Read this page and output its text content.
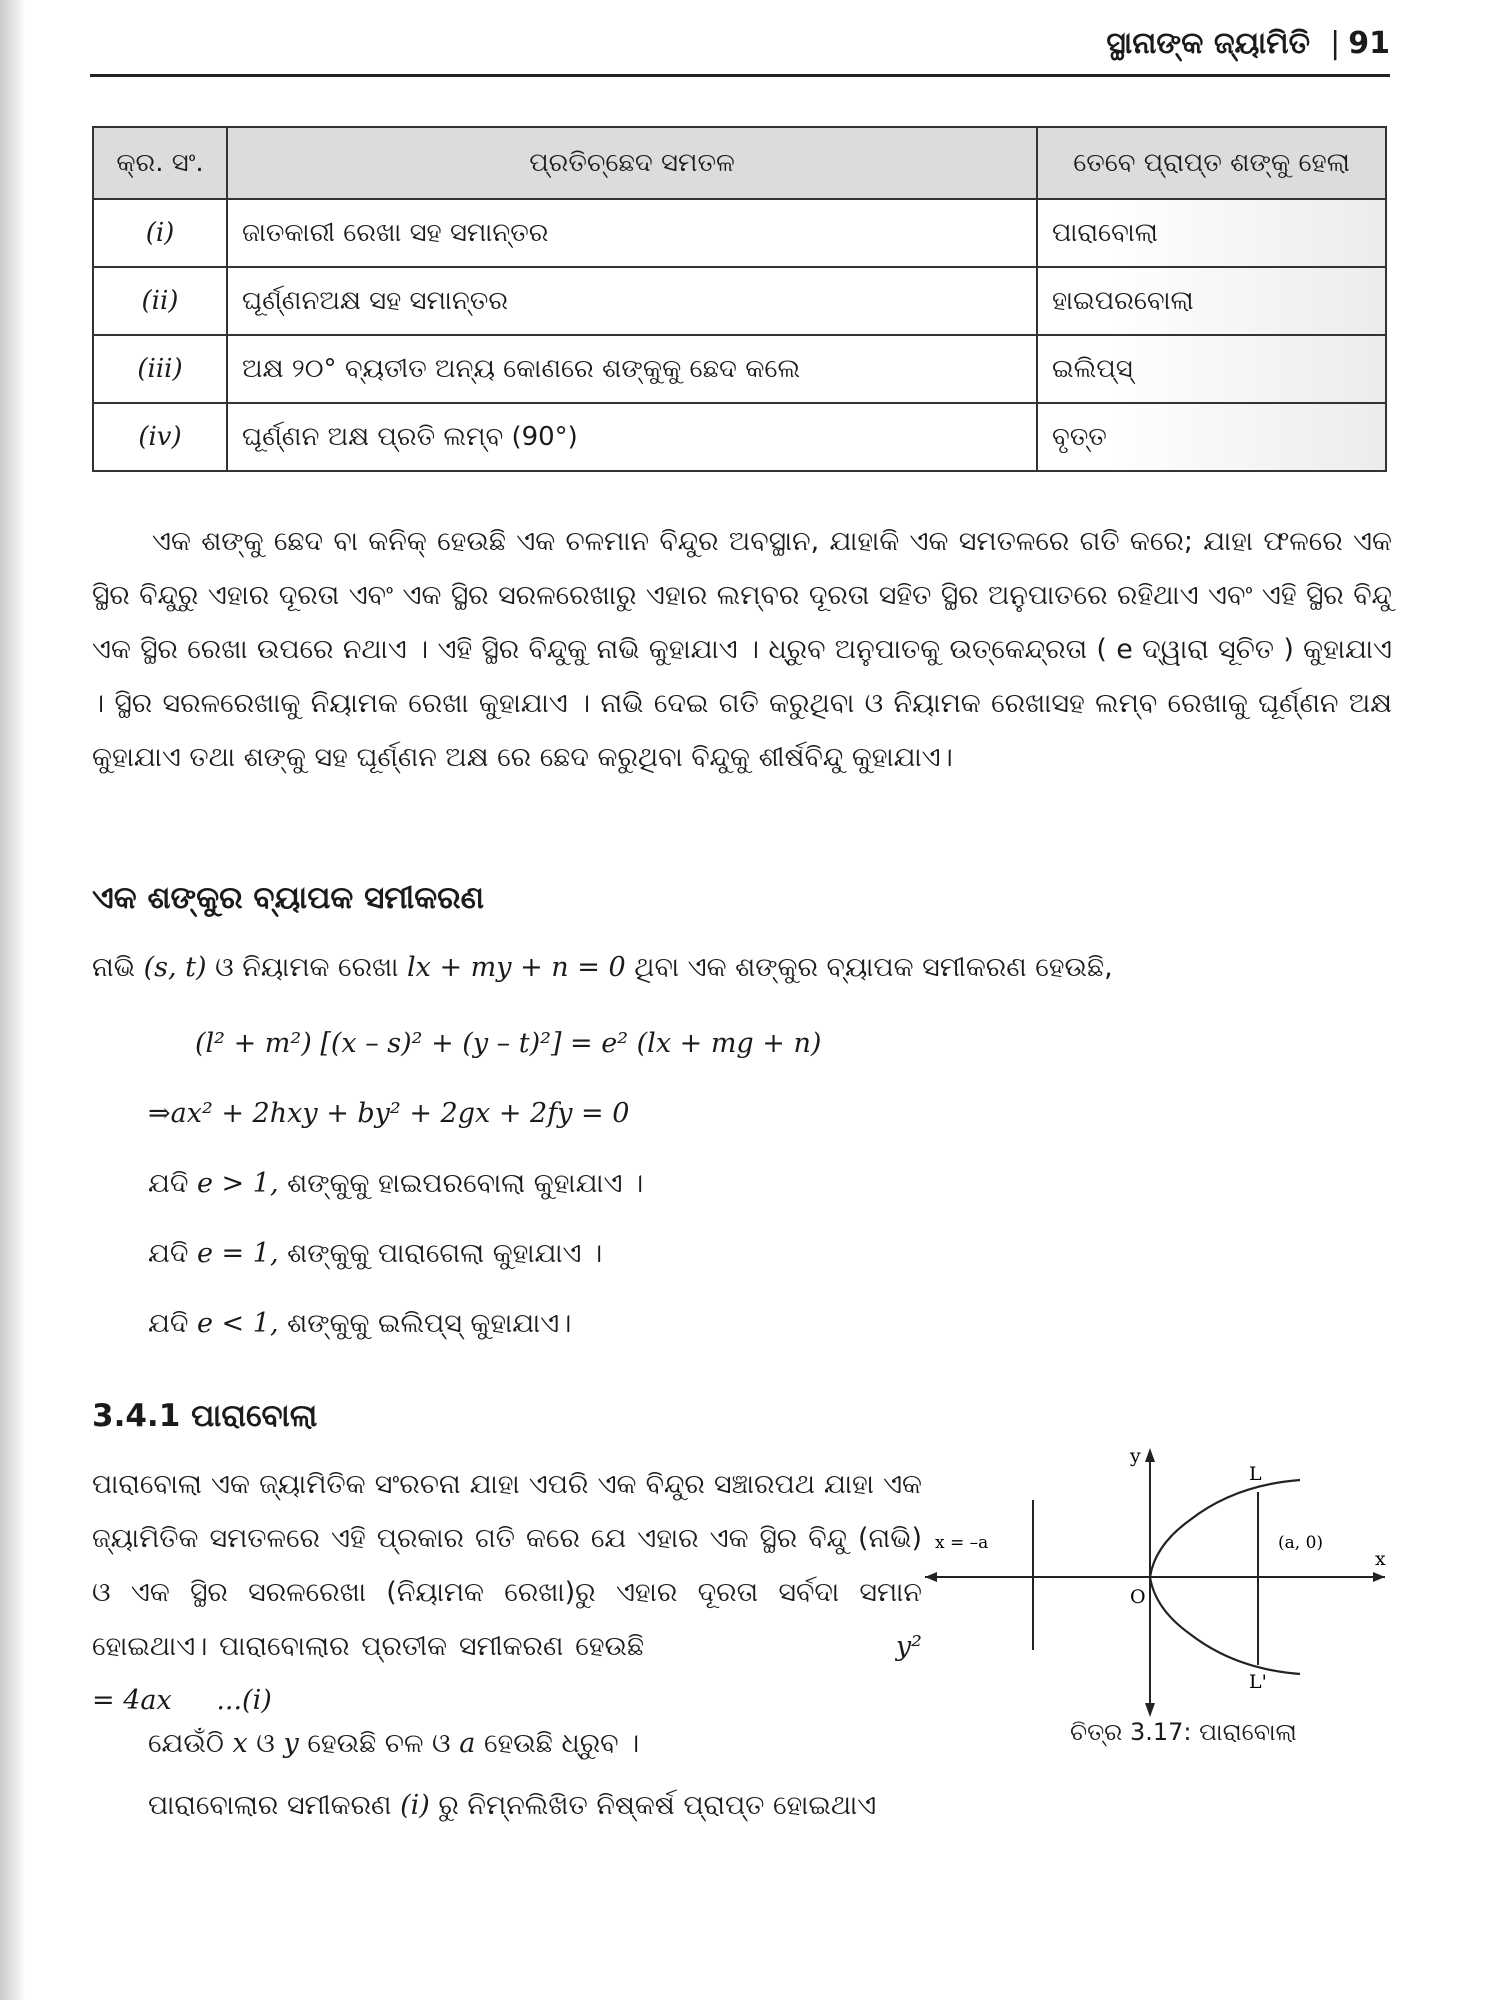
ସ୍ଥାନାଙ୍କ ଜ୍ୟାମିତି	| 91
କ୍ର. ସଂ.	ପ୍ରତିଚ୍ଛେଦ ସମତଳ	ତେବେ ପ୍ରାପ୍ତ ଶଙ୍କୁ ହେଲା
(i)	ଜାତକାରୀ ରେଖା ସହ ସମାନ୍ତର	ପାରାବୋଲା
(ii)	ଘୂର୍ଣ୍ଣନଅକ୍ଷ ସହ ସମାନ୍ତର	ହାଇପରବୋଲା
(iii)	ଅକ୍ଷ ୨୦° ବ୍ୟତୀତ ଅନ୍ୟ କୋଣରେ ଶଙ୍କୁକୁ ଛେଦ କଲେ	ଇଲିପ୍‌ସ୍
(iv)	ଘୂର୍ଣ୍ଣନ ଅକ୍ଷ ପ୍ରତି ଲମ୍ବ (90°)	ବୃତ୍ତ
ଏକ ଶଙ୍କୁ ଛେଦ ବା କନିକ୍ ହେଉଛି ଏକ ଚଳମାନ ବିନ୍ଦୁର ଅବସ୍ଥାନ, ଯାହାକି ଏକ ସମତଳରେ ଗତି କରେ; ଯାହା ଫଳରେ ଏକ ସ୍ଥିର ବିନ୍ଦୁରୁ ଏହାର ଦୂରତା ଏବଂ ଏକ ସ୍ଥିର ସରଳରେଖାରୁ ଏହାର ଲମ୍ବର ଦୂରତା ସହିତ ସ୍ଥିର ଅନୁପାତରେ ରହିଥାଏ ଏବଂ ଏହି ସ୍ଥିର ବିନ୍ଦୁ ଏକ ସ୍ଥିର ରେଖା ଉପରେ ନଥାଏ । ଏହି ସ୍ଥିର ବିନ୍ଦୁକୁ ନାଭି କୁହାଯାଏ । ଧ୍ରୁବ ଅନୁପାତକୁ ଉତ୍କେନ୍ଦ୍ରତା ( e ଦ୍ୱାରା ସୂଚିତ ) କୁହାଯାଏ । ସ୍ଥିର ସରଳରେଖାକୁ ନିୟାମକ ରେଖା କୁହାଯାଏ । ନାଭି ଦେଇ ଗତି କରୁଥିବା ଓ ନିୟାମକ ରେଖାସହ ଲମ୍ବ ରେଖାକୁ ଘୂର୍ଣ୍ଣନ ଅକ୍ଷ କୁହାଯାଏ ତଥା ଶଙ୍କୁ ସହ ଘୂର୍ଣ୍ଣନ ଅକ୍ଷ ରେ ଛେଦ କରୁଥିବା ବିନ୍ଦୁକୁ ଶୀର୍ଷବିନ୍ଦୁ କୁହାଯାଏ।
ଏକ ଶଙ୍କୁର ବ୍ୟାପକ ସମୀକରଣ
ନାଭି (s, t) ଓ ନିୟାମକ ରେଖା lx + my + n = 0 ଥିବା ଏକ ଶଙ୍କୁର ବ୍ୟାପକ ସମୀକରଣ ହେଉଛି,
(l² + m²) [(x – s)² + (y – t)²] = e² (lx + mg + n)
⇒ax² + 2hxy + by² + 2gx + 2fy = 0
ଯଦି e > 1, ଶଙ୍କୁକୁ ହାଇପରବୋଲା କୁହାଯାଏ ।
ଯଦି e = 1, ଶଙ୍କୁକୁ ପାରାଗେଲା କୁହାଯାଏ ।
ଯଦି e < 1, ଶଙ୍କୁକୁ ଇଲିପ୍‌ସ୍ କୁହାଯାଏ।
3.4.1 ପାରାବୋଲା
ପାରାବୋଲା ଏକ ଜ୍ୟାମିତିକ ସଂରଚନା ଯାହା ଏପରି ଏକ ବିନ୍ଦୁର ସଞ୍ଚାରପଥ ଯାହା ଏକ ଜ୍ୟାମିତିକ ସମତଳରେ ଏହି ପ୍ରକାର ଗତି କରେ ଯେ ଏହାର ଏକ ସ୍ଥିର ବିନ୍ଦୁ (ନାଭି) ଓ ଏକ ସ୍ଥିର ସରଳରେଖା (ନିୟାମକ ରେଖା)ରୁ ଏହାର ଦୂରତା ସର୍ବଦା ସମାନ ହୋଇଥାଏ। ପାରାବୋଲାର ପ୍ରତୀକ ସମୀକରଣ ହେଉଛି	y² = 4ax ...(i)
ଯେଉଁଠି x ଓ y ହେଉଛି ଚଳ ଓ a ହେଉଛି ଧ୍ରୁବ ।
ପାରାବୋଲାର ସମୀକରଣ (i) ରୁ ନିମ୍ନଲିଖିତ ନିଷ୍କର୍ଷ ପ୍ରାପ୍ତ ହୋଇଥାଏ
x = –a
y
x
O
(a, 0)
L
L'
ଚିତ୍ର 3.17: ପାରାବୋଲା
